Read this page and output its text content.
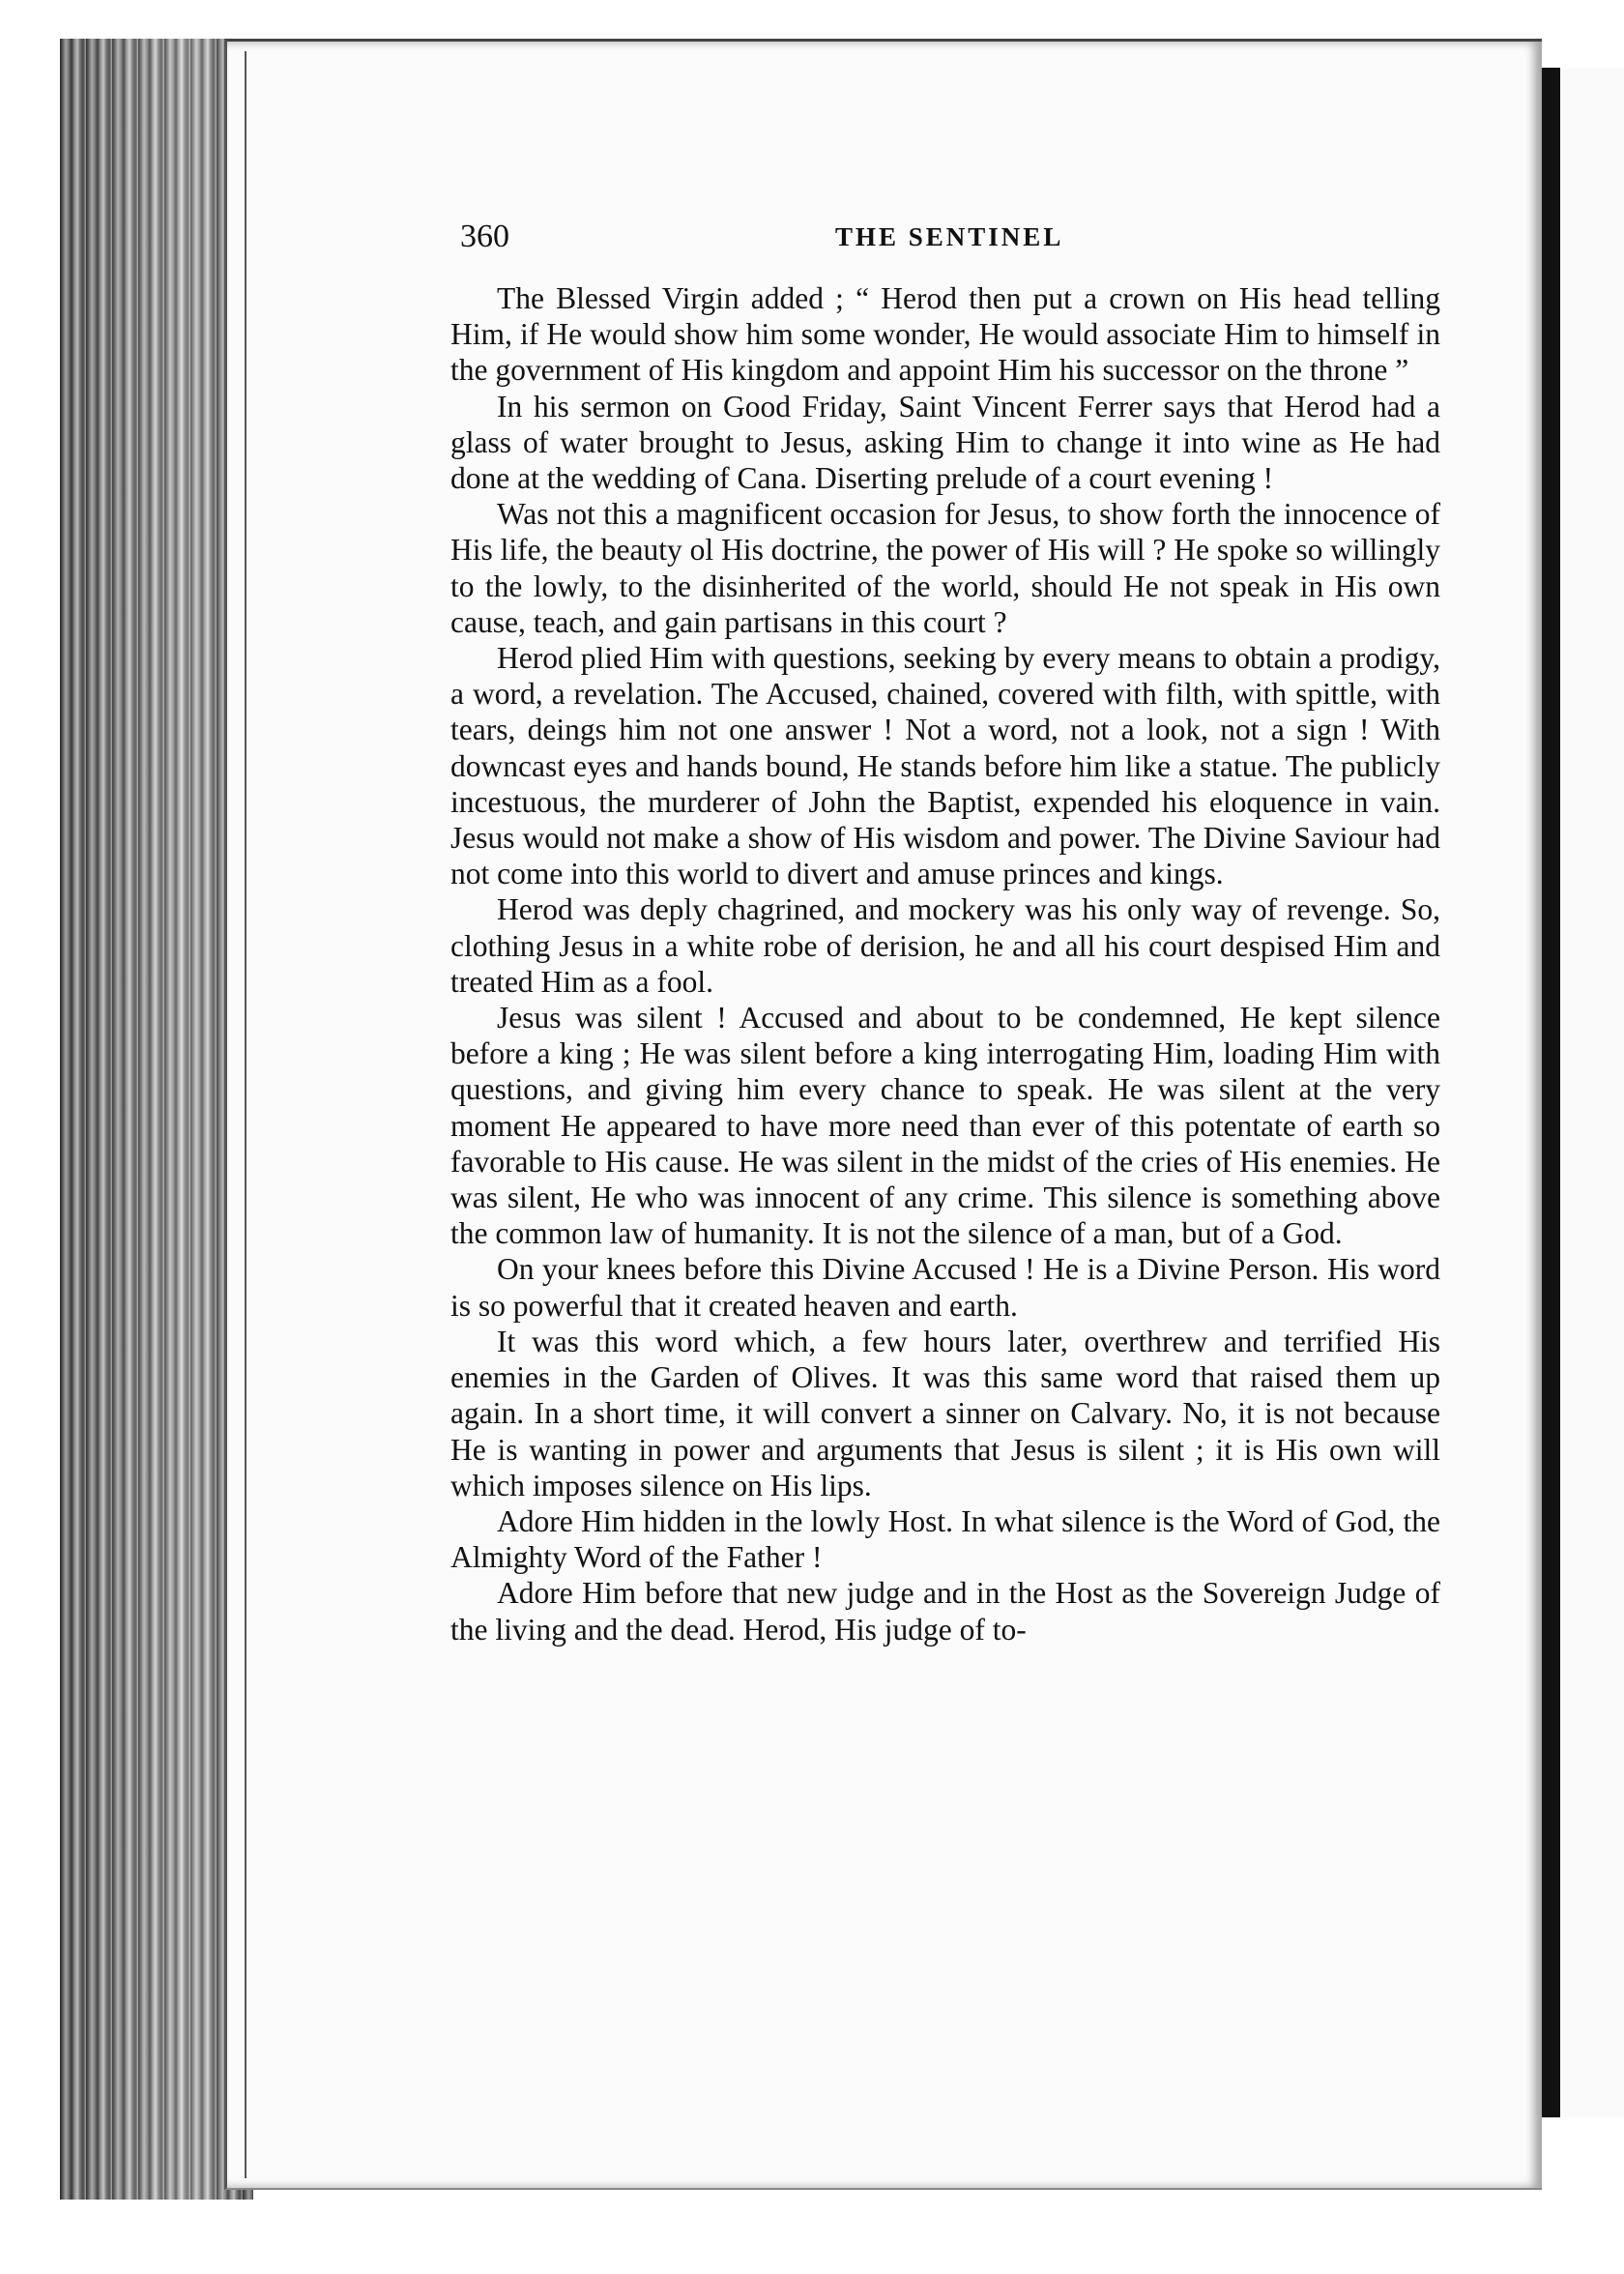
360	THE SENTINEL

The Blessed Virgin added ; “ Herod then put a crown on His head telling Him, if He would show him some wonder, He would associate Him to himself in the government of His kingdom and appoint Him his successor on the throne ”

In his sermon on Good Friday, Saint Vincent Ferrer says that Herod had a glass of water brought to Jesus, asking Him to change it into wine as He had done at the wedding of Cana. Diserting prelude of a court evening !

Was not this a magnificent occasion for Jesus, to show forth the innocence of His life, the beauty ol His doctrine, the power of His will ? He spoke so willingly to the lowly, to the disinherited of the world, should He not speak in His own cause, teach, and gain partisans in this court ?

Herod plied Him with questions, seeking by every means to obtain a prodigy, a word, a revelation. The Accused, chained, covered with filth, with spittle, with tears, deings him not one answer ! Not a word, not a look, not a sign ! With downcast eyes and hands bound, He stands before him like a statue. The publicly incestuous, the murderer of John the Baptist, expended his eloquence in vain. Jesus would not make a show of His wisdom and power. The Divine Saviour had not come into this world to divert and amuse princes and kings.

Herod was deply chagrined, and mockery was his only way of revenge. So, clothing Jesus in a white robe of derision, he and all his court despised Him and treated Him as a fool.

Jesus was silent ! Accused and about to be condemned, He kept silence before a king ; He was silent before a king interrogating Him, loading Him with questions, and giving him every chance to speak. He was silent at the very moment He appeared to have more need than ever of this potentate of earth so favorable to His cause. He was silent in the midst of the cries of His enemies. He was silent, He who was innocent of any crime. This silence is something above the common law of humanity. It is not the silence of a man, but of a God.

On your knees before this Divine Accused ! He is a Divine Person. His word is so powerful that it created heaven and earth.

It was this word which, a few hours later, overthrew and terrified His enemies in the Garden of Olives. It was this same word that raised them up again. In a short time, it will convert a sinner on Calvary. No, it is not because He is wanting in power and arguments that Jesus is silent ; it is His own will which imposes silence on His lips.

Adore Him hidden in the lowly Host. In what silence is the Word of God, the Almighty Word of the Father !

Adore Him before that new judge and in the Host as the Sovereign Judge of the living and the dead. Herod, His judge of to-
